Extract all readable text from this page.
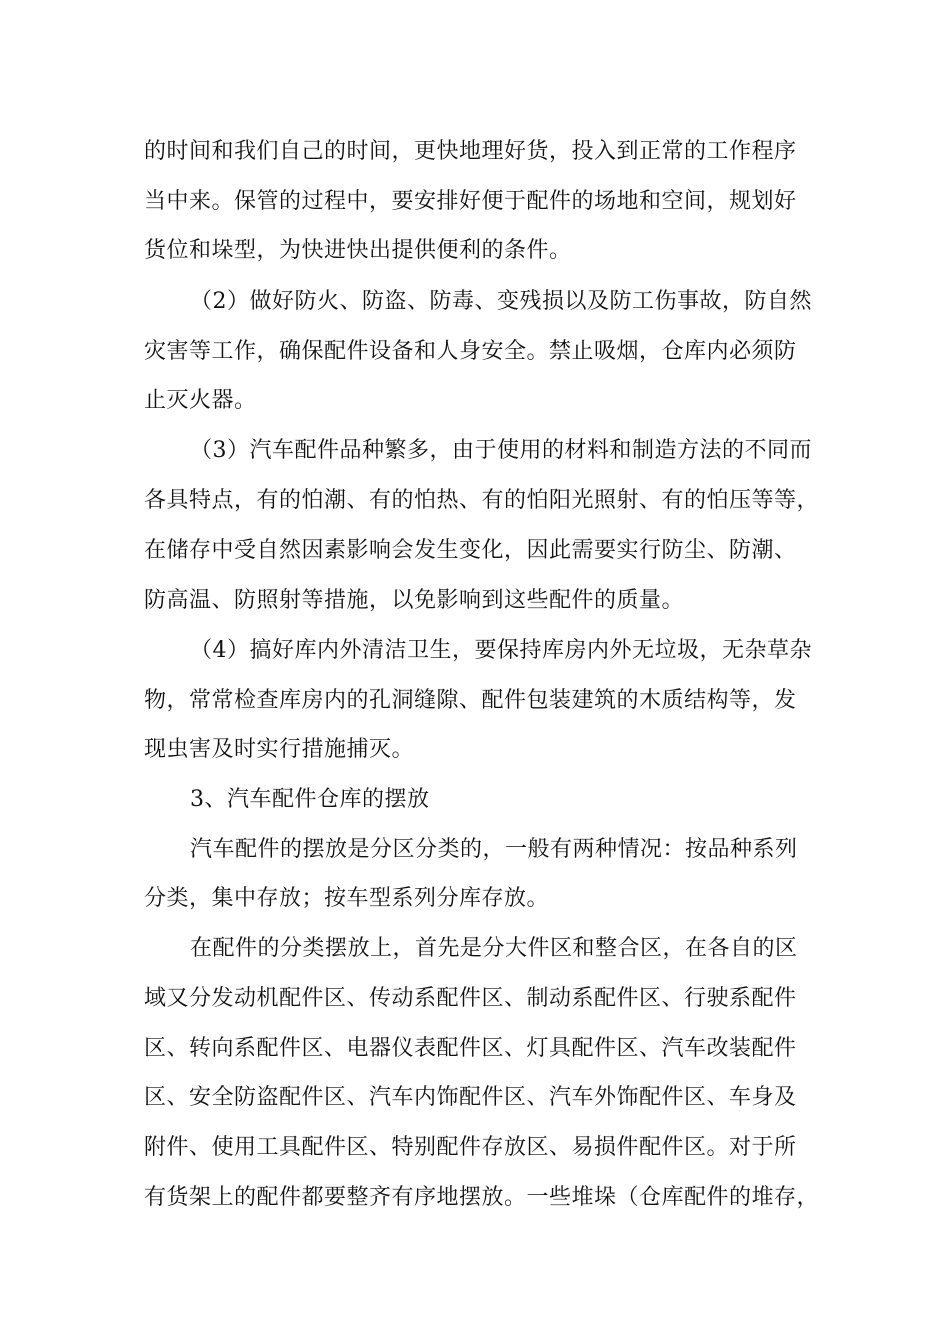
的时间和我们自己的时间，更快地理好货，投入到正常的工作程序
当中来。保管的过程中，要安排好便于配件的场地和空间，规划好
货位和垛型，为快进快出提供便利的条件。
（2）做好防火、防盗、防毒、变残损以及防工伤事故，防自然
灾害等工作，确保配件设备和人身安全。禁止吸烟，仓库内必须防
止灭火器。
（3）汽车配件品种繁多，由于使用的材料和制造方法的不同而
各具特点，有的怕潮、有的怕热、有的怕阳光照射、有的怕压等等，
在储存中受自然因素影响会发生变化，因此需要实行防尘、防潮、
防高温、防照射等措施，以免影响到这些配件的质量。
（4）搞好库内外清洁卫生，要保持库房内外无垃圾，无杂草杂
物，常常检查库房内的孔洞缝隙、配件包装建筑的木质结构等，发
现虫害及时实行措施捕灭。
3、汽车配件仓库的摆放
汽车配件的摆放是分区分类的，一般有两种情况：按品种系列
分类，集中存放；按车型系列分库存放。
在配件的分类摆放上，首先是分大件区和整合区，在各自的区
域又分发动机配件区、传动系配件区、制动系配件区、行驶系配件
区、转向系配件区、电器仪表配件区、灯具配件区、汽车改装配件
区、安全防盗配件区、汽车内饰配件区、汽车外饰配件区、车身及
附件、使用工具配件区、特别配件存放区、易损件配件区。对于所
有货架上的配件都要整齐有序地摆放。一些堆垛（仓库配件的堆存，
